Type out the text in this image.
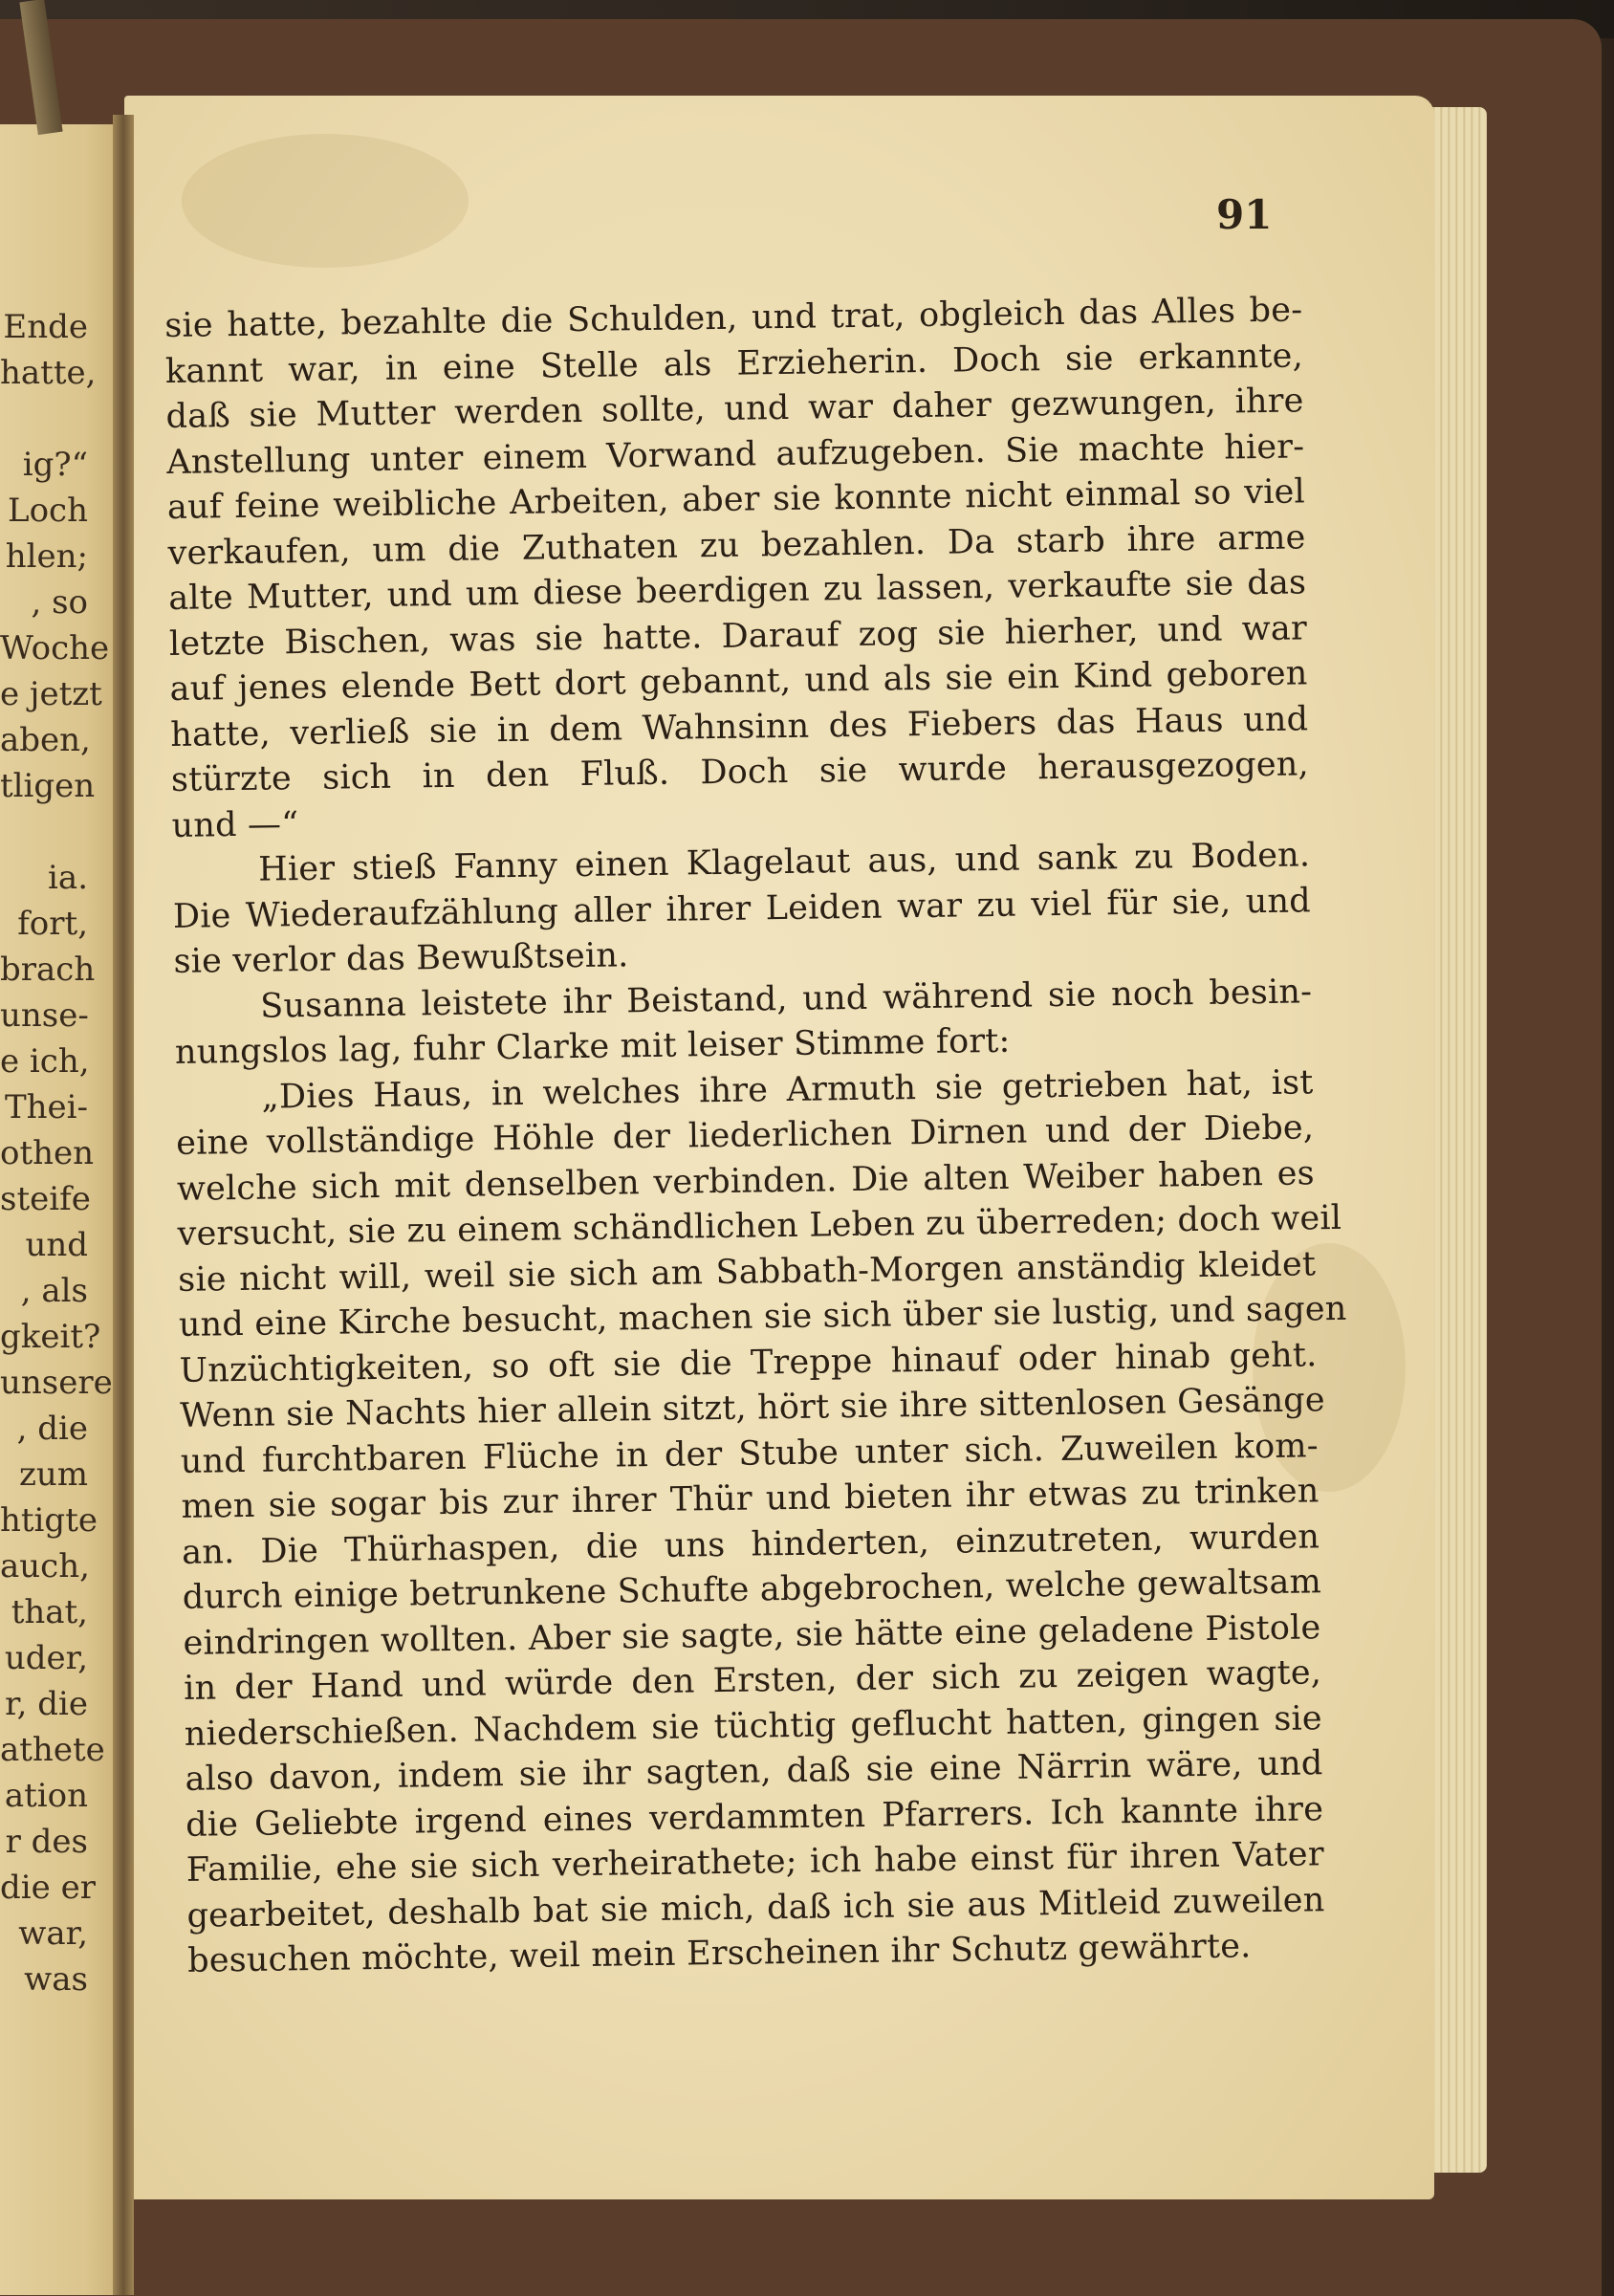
Ende
hatte,
ig?“
Loch
hlen;
, so
Woche
e jetzt
aben,
tligen
ia.
fort,
brach
unse-
e ich,
Thei-
othen
steife
und
, als
gkeit?
unsere
, die
zum
htigte
auch,
that,
uder,
r, die
athete
ation
r des
die er
war,
was
91
sie hatte, bezahlte die Schulden, und trat, obgleich das Alles be-
kannt war, in eine Stelle als Erzieherin. Doch sie erkannte,
daß sie Mutter werden sollte, und war daher gezwungen, ihre
Anstellung unter einem Vorwand aufzugeben. Sie machte hier-
auf feine weibliche Arbeiten, aber sie konnte nicht einmal so viel
verkaufen, um die Zuthaten zu bezahlen. Da starb ihre arme
alte Mutter, und um diese beerdigen zu lassen, verkaufte sie das
letzte Bischen, was sie hatte. Darauf zog sie hierher, und war
auf jenes elende Bett dort gebannt, und als sie ein Kind geboren
hatte, verließ sie in dem Wahnsinn des Fiebers das Haus und
stürzte sich in den Fluß. Doch sie wurde herausgezogen,
und —“
Hier stieß Fanny einen Klagelaut aus, und sank zu Boden.
Die Wiederaufzählung aller ihrer Leiden war zu viel für sie, und
sie verlor das Bewußtsein.
Susanna leistete ihr Beistand, und während sie noch besin-
nungslos lag, fuhr Clarke mit leiser Stimme fort:
„Dies Haus, in welches ihre Armuth sie getrieben hat, ist
eine vollständige Höhle der liederlichen Dirnen und der Diebe,
welche sich mit denselben verbinden. Die alten Weiber haben es
versucht, sie zu einem schändlichen Leben zu überreden; doch weil
sie nicht will, weil sie sich am Sabbath-Morgen anständig kleidet
und eine Kirche besucht, machen sie sich über sie lustig, und sagen
Unzüchtigkeiten, so oft sie die Treppe hinauf oder hinab geht.
Wenn sie Nachts hier allein sitzt, hört sie ihre sittenlosen Gesänge
und furchtbaren Flüche in der Stube unter sich. Zuweilen kom-
men sie sogar bis zur ihrer Thür und bieten ihr etwas zu trinken
an. Die Thürhaspen, die uns hinderten, einzutreten, wurden
durch einige betrunkene Schufte abgebrochen, welche gewaltsam
eindringen wollten. Aber sie sagte, sie hätte eine geladene Pistole
in der Hand und würde den Ersten, der sich zu zeigen wagte,
niederschießen. Nachdem sie tüchtig geflucht hatten, gingen sie
also davon, indem sie ihr sagten, daß sie eine Närrin wäre, und
die Geliebte irgend eines verdammten Pfarrers. Ich kannte ihre
Familie, ehe sie sich verheirathete; ich habe einst für ihren Vater
gearbeitet, deshalb bat sie mich, daß ich sie aus Mitleid zuweilen
besuchen möchte, weil mein Erscheinen ihr Schutz gewährte.
